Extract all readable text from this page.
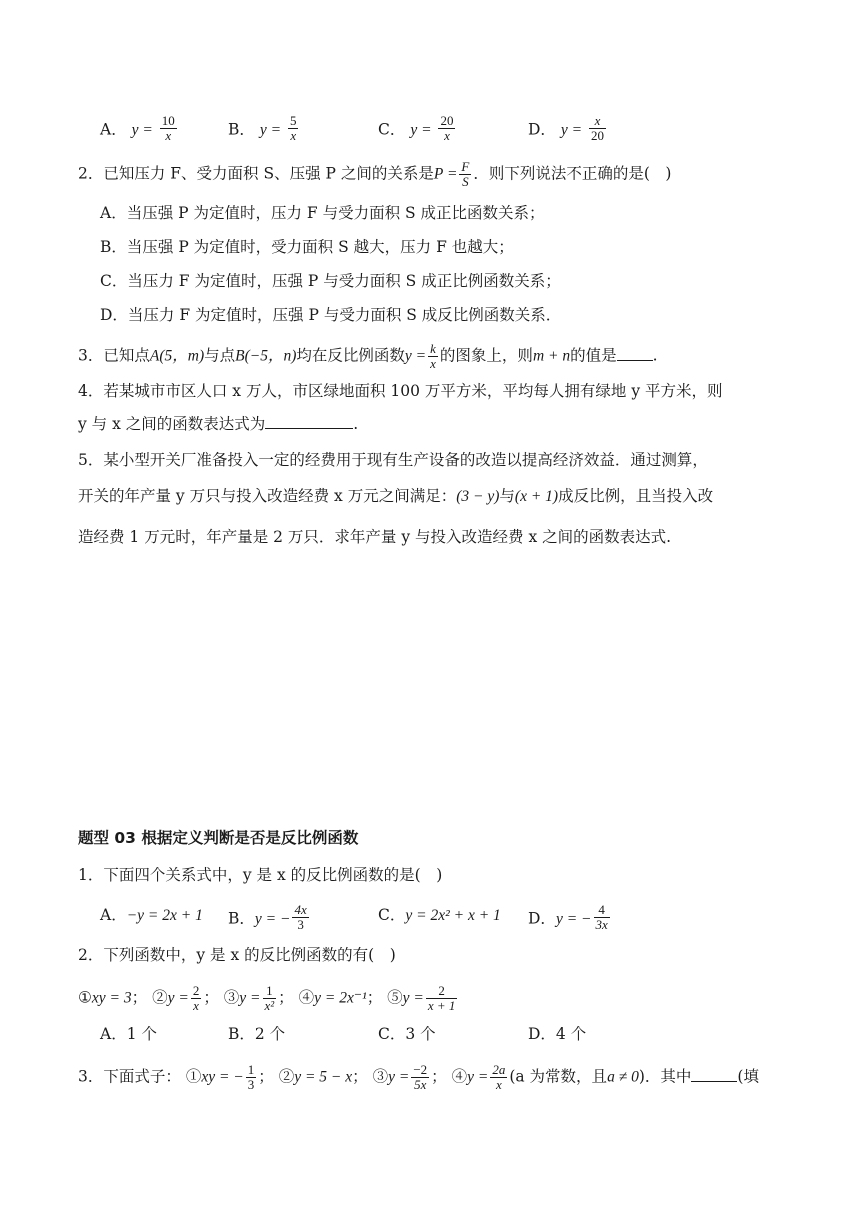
A． $y = \frac{10}{x}$	B． $y = \frac{5}{x}$	C． $y = \frac{20}{x}$	D． $y = \frac{x}{20}$
2．已知压力 F、受力面积 S、压强 P 之间的关系是$P = \frac{F}{S}$ ．则下列说法不正确的是(　)
A．当压强 P 为定值时，压力 F 与受力面积 S 成正比函数关系；
B．当压强 P 为定值时，受力面积 S 越大，压力 F 也越大；
C．当压力 F 为定值时，压强 P 与受力面积 S 成正比例函数关系；
D．当压力 F 为定值时，压强 P 与受力面积 S 成反比例函数关系．
3．已知点A(5，m)与点B(−5，n)均在反比例函数$y = \frac{k}{x}$ 的图象上，则m + n的值是 .
4．若某城市市区人口 x 万人，市区绿地面积 100 万平方米，平均每人拥有绿地 y 平方米，则
y 与 x 之间的函数表达式为	.
5．某小型开关厂准备投入一定的经费用于现有生产设备的改造以提高经济效益．通过测算，
开关的年产量 y 万只与投入改造经费 x 万元之间满足：(3 − y)与(x + 1)成反比例，且当投入改
造经费 1 万元时，年产量是 2 万只．求年产量 y 与投入改造经费 x 之间的函数表达式.
题型 03 根据定义判断是否是反比例函数
1．下面四个关系式中，y 是 x 的反比例函数的是(　)
A．−y = 2x + 1 B．y = − $\frac{4x}{3}$	C．y = 2x² + x + 1 D．y = − $\frac{4}{3x}$
2．下列函数中，y 是 x 的反比例函数的有(　)
①xy = 3； ②y = $\frac{2}{x}$ ； ③y = $\frac{1}{\text{x²}}$ ； ④y = 2x⁻¹； ⑤y = $\frac{2}{x + 1}$
A．1 个	B．2 个	C．3 个	D．4 个
3．下面式子： ①xy = − $\frac{1}{3}$ ； ②y = 5 − x； ③y = $\frac{-2}{5x}$ ； ④y = $\frac{2a}{x} (a$ 为常数，且a ≠ 0)．其中	(填
